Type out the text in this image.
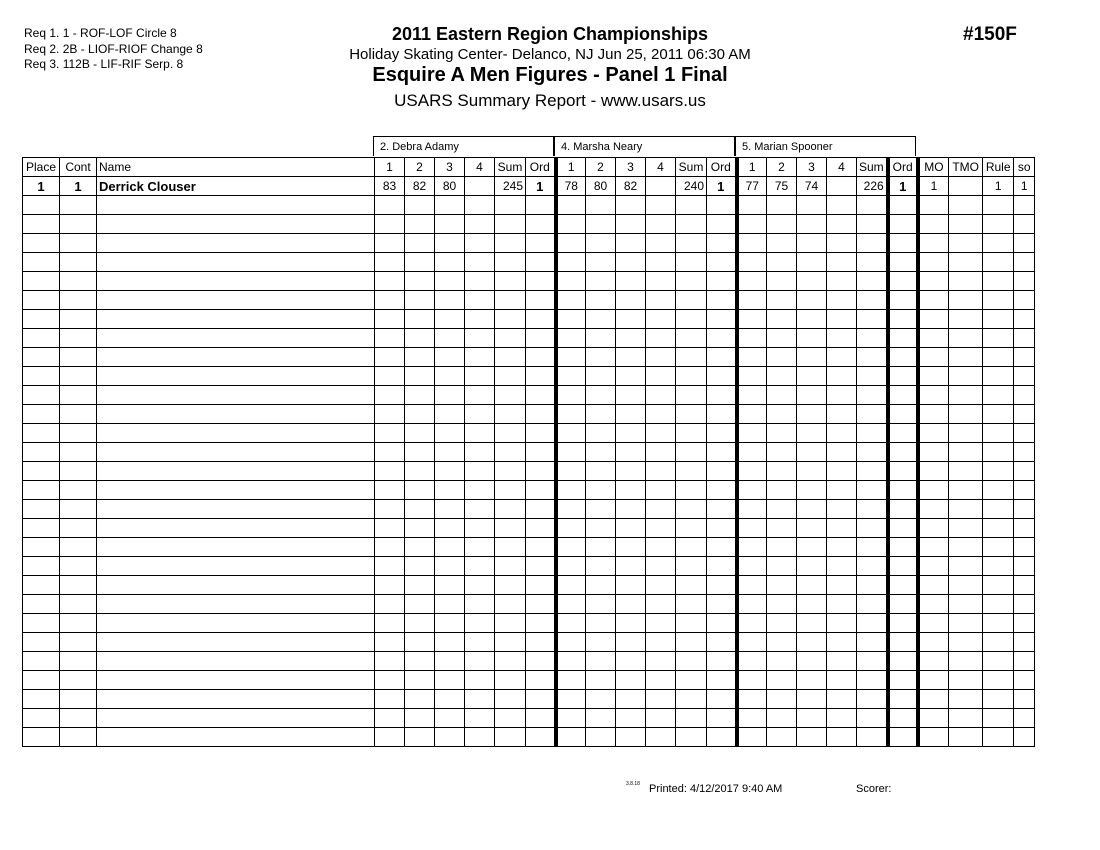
Req 1. 1 - ROF-LOF Circle 8
Req 2. 2B - LIOF-RIOF Change 8
Req 3. 112B - LIF-RIF Serp. 8
2011 Eastern Region Championships
Holiday Skating Center- Delanco, NJ Jun 25, 2011 06:30 AM
Esquire A Men Figures - Panel 1 Final
USARS Summary Report - www.usars.us
#150F
2. Debra Adamy	4. Marsha Neary	5. Marian Spooner
Place	Cont	Name	1	2	3	4	Sum	Ord	1	2	3	4	Sum	Ord	1	2	3	4	Sum	Ord	MO	TMO	Rule	so
1	1	Derrick Clouser	83	82	80		245	1	78	80	82		240	1	77	75	74		226	1	1		1	1

3.8.18 Printed: 4/12/2017 9:40 AM	Scorer:
